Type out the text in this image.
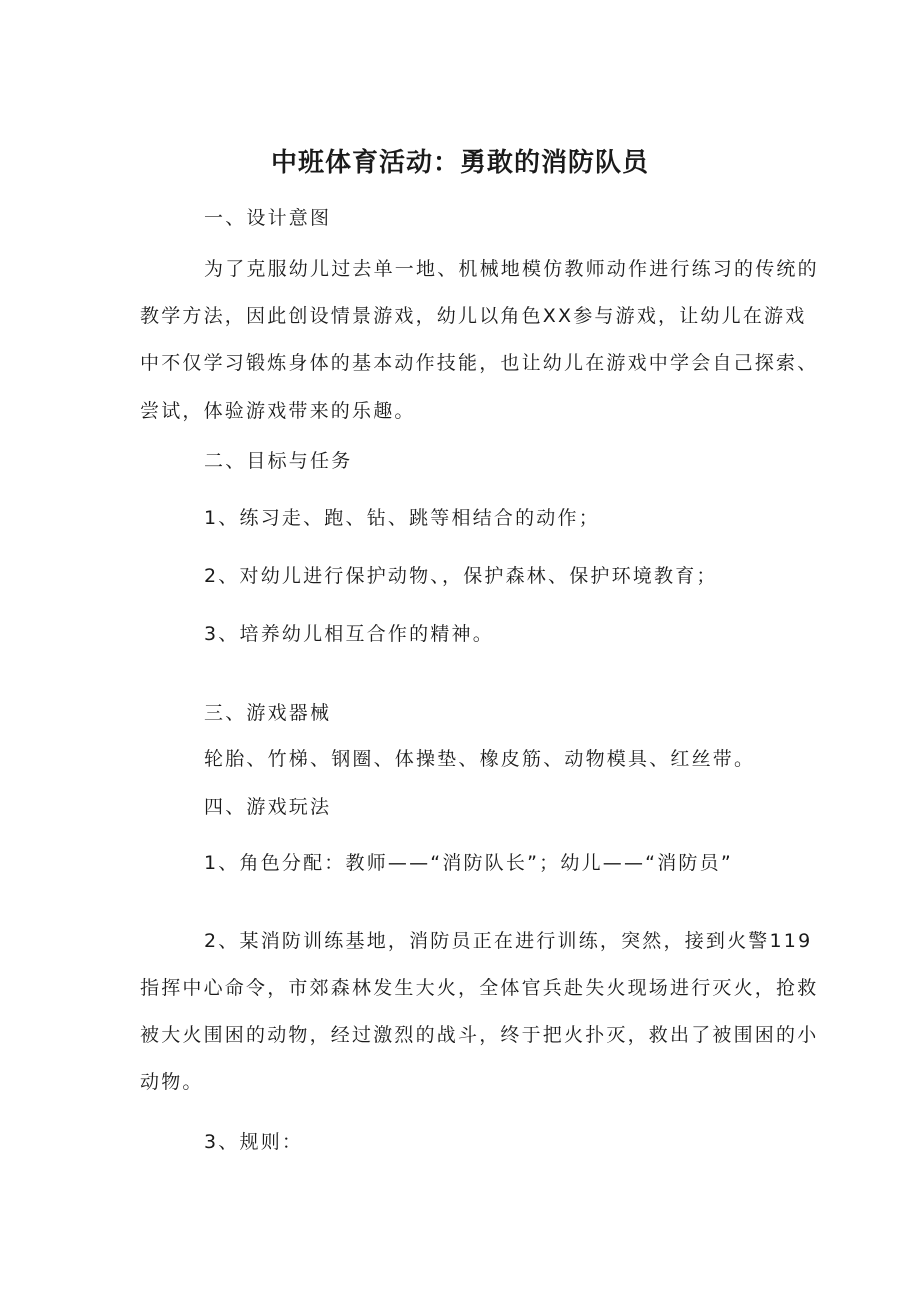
中班体育活动：勇敢的消防队员

一、设计意图

为了克服幼儿过去单一地、机械地模仿教师动作进行练习的传统的

教学方法，因此创设情景游戏，幼儿以角色XX参与游戏，让幼儿在游戏

中不仅学习锻炼身体的基本动作技能，也让幼儿在游戏中学会自己探索、

尝试，体验游戏带来的乐趣。

二、目标与任务

1、练习走、跑、钻、跳等相结合的动作；

2、对幼儿进行保护动物、，保护森林、保护环境教育；

3、培养幼儿相互合作的精神。

三、游戏器械

轮胎、竹梯、钢圈、体操垫、橡皮筋、动物模具、红丝带。

四、游戏玩法

1、角色分配：教师——“消防队长”；幼儿——“消防员”

2、某消防训练基地，消防员正在进行训练，突然，接到火警119

指挥中心命令，市郊森林发生大火，全体官兵赴失火现场进行灭火，抢救

被大火围困的动物，经过激烈的战斗，终于把火扑灭，救出了被围困的小

动物。

3、规则：
